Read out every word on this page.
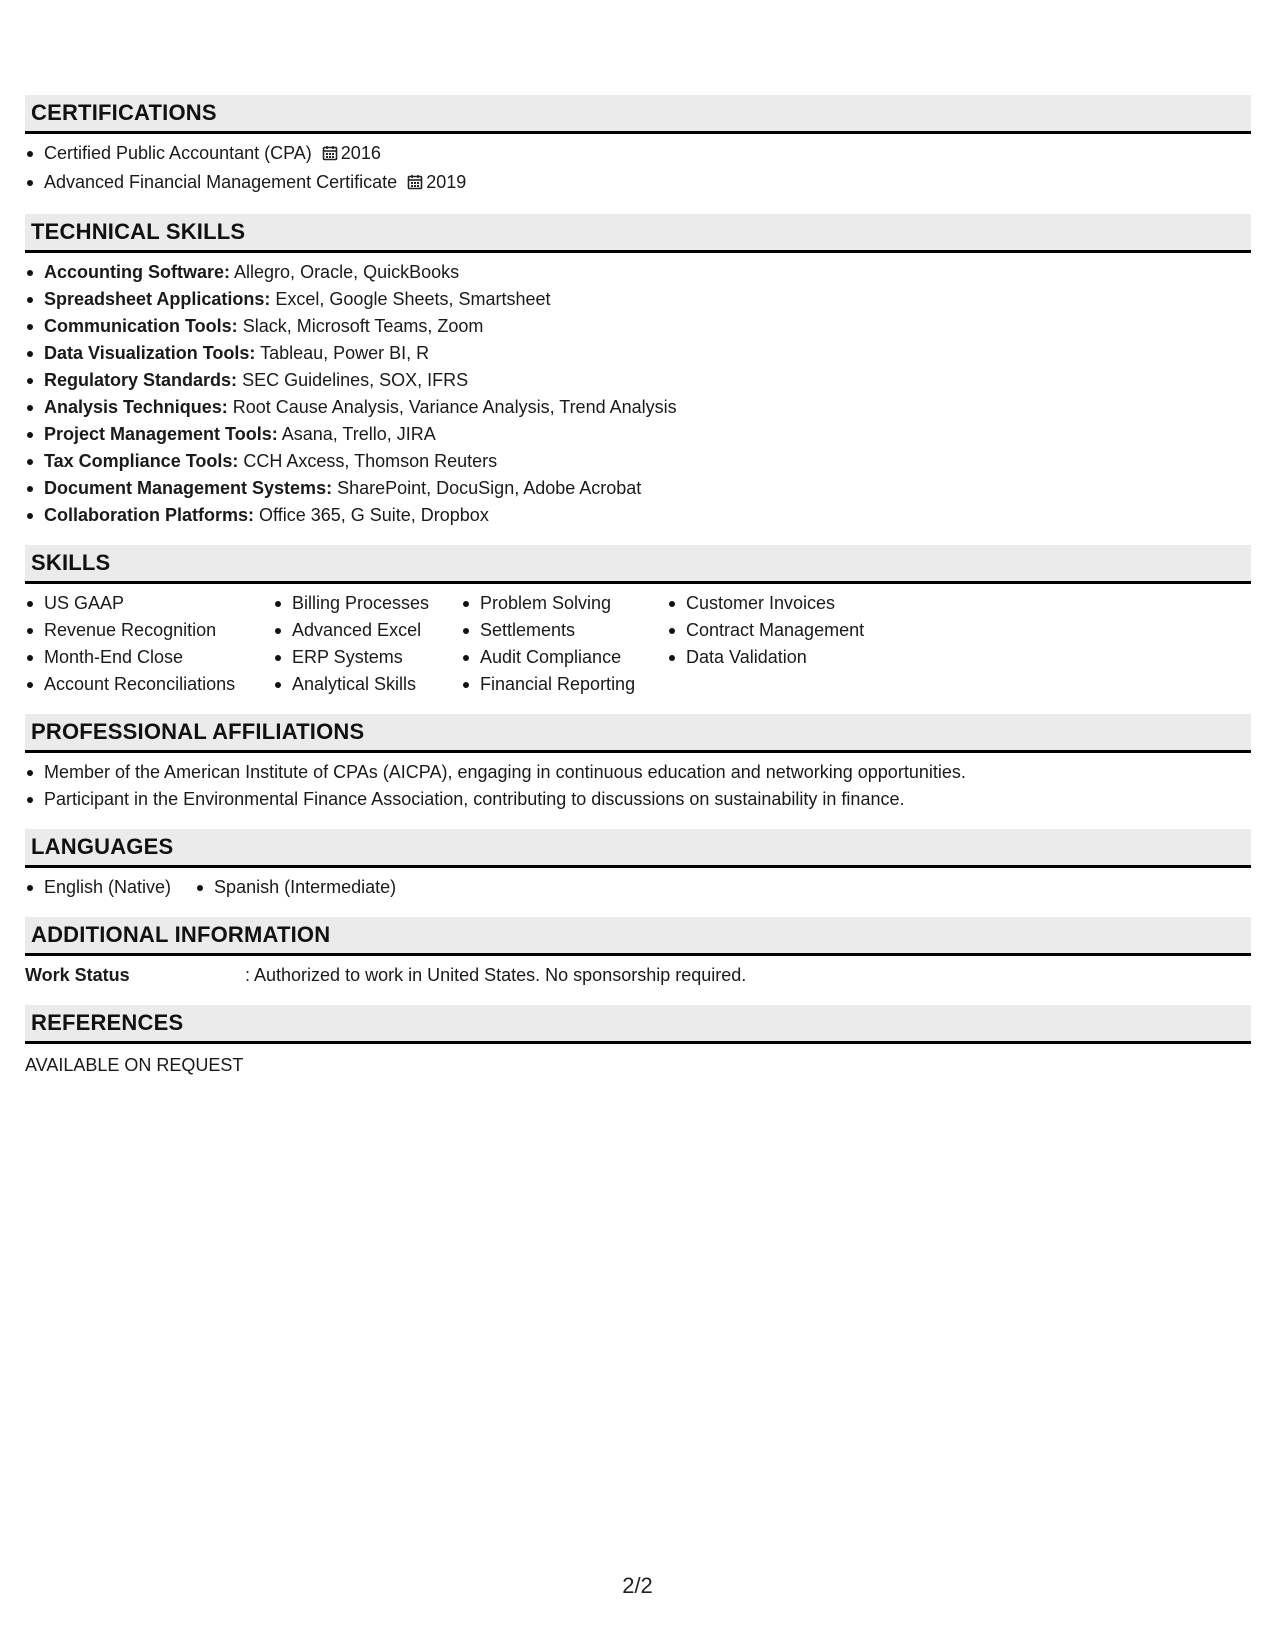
CERTIFICATIONS
Certified Public Accountant (CPA) 2016
Advanced Financial Management Certificate 2019
TECHNICAL SKILLS
Accounting Software: Allegro, Oracle, QuickBooks
Spreadsheet Applications: Excel, Google Sheets, Smartsheet
Communication Tools: Slack, Microsoft Teams, Zoom
Data Visualization Tools: Tableau, Power BI, R
Regulatory Standards: SEC Guidelines, SOX, IFRS
Analysis Techniques: Root Cause Analysis, Variance Analysis, Trend Analysis
Project Management Tools: Asana, Trello, JIRA
Tax Compliance Tools: CCH Axcess, Thomson Reuters
Document Management Systems: SharePoint, DocuSign, Adobe Acrobat
Collaboration Platforms: Office 365, G Suite, Dropbox
SKILLS
US GAAP
Revenue Recognition
Month-End Close
Account Reconciliations
Billing Processes
Advanced Excel
ERP Systems
Analytical Skills
Problem Solving
Settlements
Audit Compliance
Financial Reporting
Customer Invoices
Contract Management
Data Validation
PROFESSIONAL AFFILIATIONS
Member of the American Institute of CPAs (AICPA), engaging in continuous education and networking opportunities.
Participant in the Environmental Finance Association, contributing to discussions on sustainability in finance.
LANGUAGES
English (Native)	Spanish (Intermediate)
ADDITIONAL INFORMATION
Work Status	: Authorized to work in United States. No sponsorship required.
REFERENCES
AVAILABLE ON REQUEST
2/2
